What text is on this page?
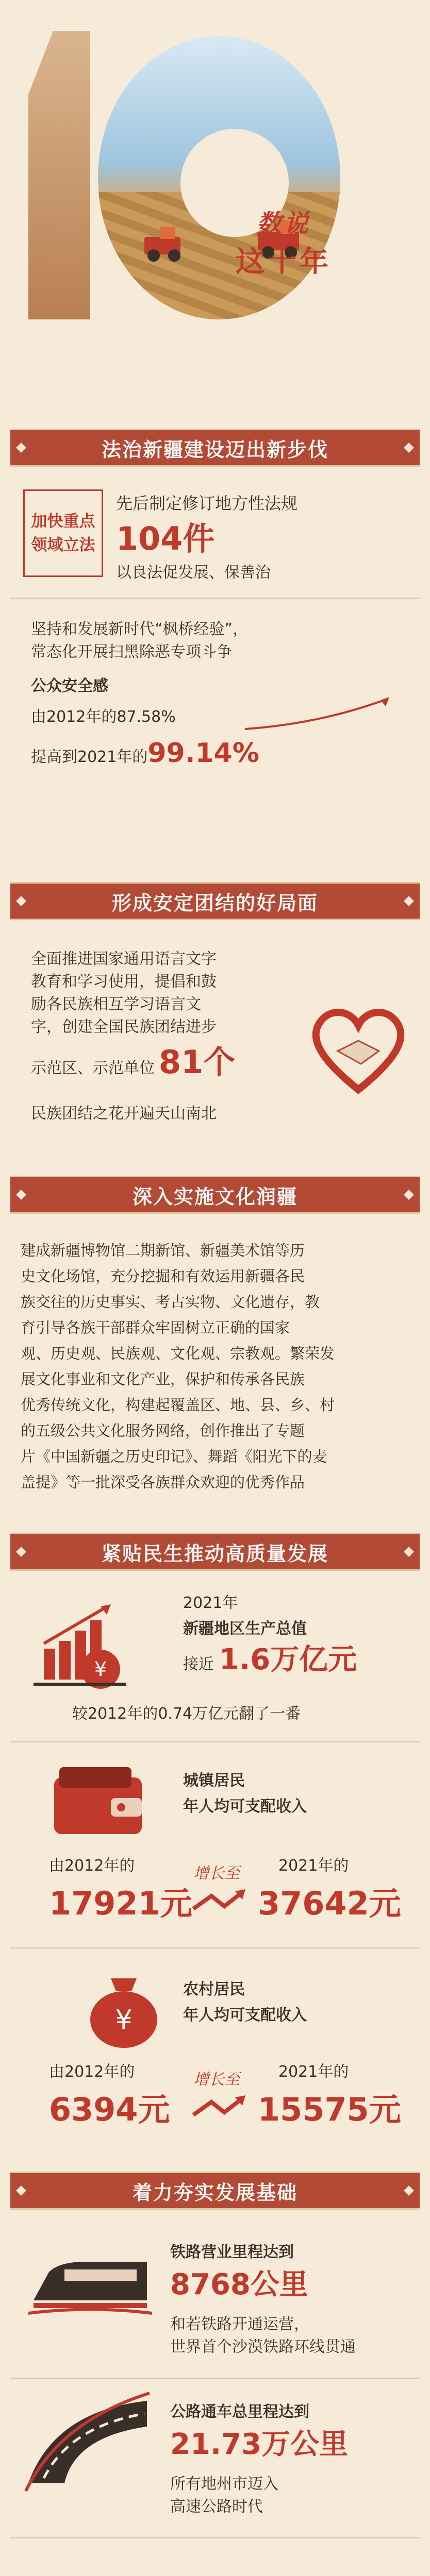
数说
这十年
法治新疆建设迈出新步伐
加快重点
领域立法
先后制定修订地方性法规
104件
以良法促发展、保善治
坚持和发展新时代“枫桥经验”，
常态化开展扫黑除恶专项斗争
公众安全感
由2012年的87.58%
提高到2021年的99.14%
形成安定团结的好局面
全面推进国家通用语言文字
教育和学习使用，提倡和鼓
励各民族相互学习语言文
字，创建全国民族团结进步
示范区、示范单位 81个
民族团结之花开遍天山南北
深入实施文化润疆
建成新疆博物馆二期新馆、新疆美术馆等历
史文化场馆，充分挖掘和有效运用新疆各民
族交往的历史事实、考古实物、文化遗存，教
育引导各族干部群众牢固树立正确的国家
观、历史观、民族观、文化观、宗教观。繁荣发
展文化事业和文化产业，保护和传承各民族
优秀传统文化，构建起覆盖区、地、县、乡、村
的五级公共文化服务网络，创作推出了专题
片《中国新疆之历史印记》、舞蹈《阳光下的麦
盖提》等一批深受各族群众欢迎的优秀作品
紧贴民生推动高质量发展
¥
2021年
新疆地区生产总值
接近 1.6万亿元
较2012年的0.74万亿元翻了一番
城镇居民
年人均可支配收入
由2012年的
17921元
增长至	2021年的
37642元
¥
农村居民
年人均可支配收入
由2012年的
6394元
增长至	2021年的
15575元
着力夯实发展基础
铁路营业里程达到
8768公里
和若铁路开通运营，
世界首个沙漠铁路环线贯通
公路通车总里程达到
21.73万公里
所有地州市迈入
高速公路时代
